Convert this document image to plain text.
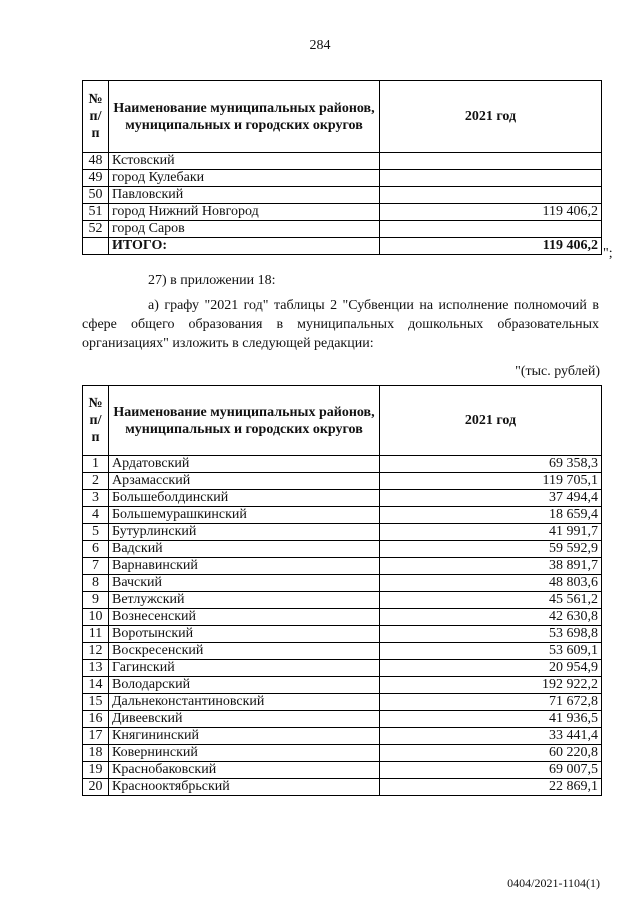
284
№ п/п	Наименование муниципальных районов, муниципальных и городских округов	2021 год
48	Кстовский	
49	город Кулебаки	
50	Павловский	
51	город Нижний Новгород	119 406,2
52	город Саров	
	ИТОГО:	119 406,2
";
27) в приложении 18:
а) графу "2021 год" таблицы 2 "Субвенции на исполнение полномочий в сфере общего образования в муниципальных дошкольных образовательных организациях" изложить в следующей редакции:
"(тыс. рублей)
№ п/п	Наименование муниципальных районов, муниципальных и городских округов	2021 год
1	Ардатовский	69 358,3
2	Арзамасский	119 705,1
3	Большеболдинский	37 494,4
4	Большемурашкинский	18 659,4
5	Бутурлинский	41 991,7
6	Вадский	59 592,9
7	Варнавинский	38 891,7
8	Вачский	48 803,6
9	Ветлужский	45 561,2
10	Вознесенский	42 630,8
11	Воротынский	53 698,8
12	Воскресенский	53 609,1
13	Гагинский	20 954,9
14	Володарский	192 922,2
15	Дальнеконстантиновский	71 672,8
16	Дивеевский	41 936,5
17	Княгининский	33 441,4
18	Ковернинский	60 220,8
19	Краснобаковский	69 007,5
20	Краснооктябрьский	22 869,1
0404/2021-1104(1)
